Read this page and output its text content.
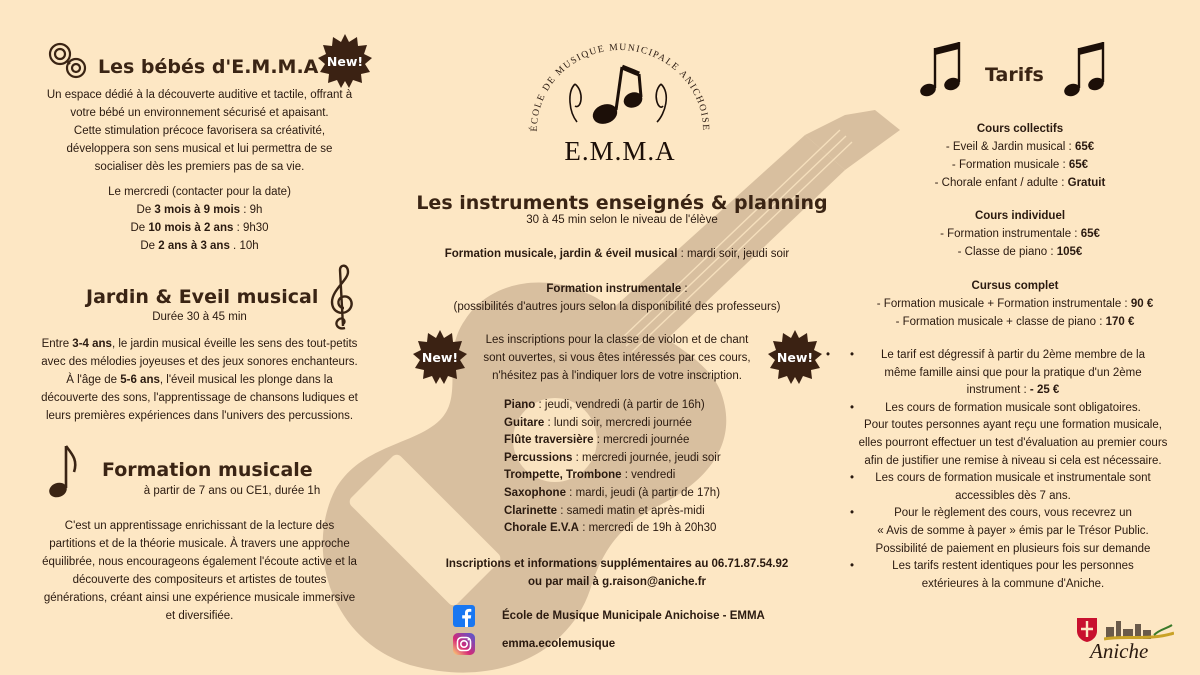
Les bébés d'E.M.M.A New!
Un espace dédié à la découverte auditive et tactile, offrant à
votre bébé un environnement sécurisé et apaisant.
Cette stimulation précoce favorisera sa créativité,
développera son sens musical et lui permettra de se
socialiser dès les premiers pas de sa vie.
Le mercredi (contacter pour la date)
De 3 mois à 9 mois : 9h
De 10 mois à 2 ans : 9h30
De 2 ans à 3 ans . 10h
Jardin & Eveil musical
Durée 30 à 45 min
Entre 3-4 ans, le jardin musical éveille les sens des tout-petits
avec des mélodies joyeuses et des jeux sonores enchanteurs.
À l'âge de 5-6 ans, l'éveil musical les plonge dans la
découverte des sons, l'apprentissage de chansons ludiques et
leurs premières expériences dans l'univers des percussions.
Formation musicale
à partir de 7 ans ou CE1, durée 1h
C'est un apprentissage enrichissant de la lecture des
partitions et de la théorie musicale. À travers une approche
équilibrée, nous encourageons également l'écoute active et la
découverte des compositeurs et artistes de toutes
générations, créant ainsi une expérience musicale immersive
et diversifiée.
ÉCOLE DE MUSIQUE MUNICIPALE ANICHOISE
E.M.M.A
Les instruments enseignés & planning
30 à 45 min selon le niveau de l'élève
Formation musicale, jardin & éveil musical : mardi soir, jeudi soir
Formation instrumentale :
(possibilités d'autres jours selon la disponibilité des professeurs)
New!	New!
Les inscriptions pour la classe de violon et de chant
sont ouvertes, si vous êtes intéressés par ces cours,
n'hésitez pas à l'indiquer lors de votre inscription.
Piano : jeudi, vendredi (à partir de 16h)
Guitare : lundi soir, mercredi journée
Flûte traversière : mercredi journée
Percussions : mercredi journée, jeudi soir
Trompette, Trombone : vendredi
Saxophone : mardi, jeudi (à partir de 17h)
Clarinette : samedi matin et après-midi
Chorale E.V.A : mercredi de 19h à 20h30
Inscriptions et informations supplémentaires au 06.71.87.54.92
ou par mail à g.raison@aniche.fr
École de Musique Municipale Anichoise - EMMA
emma.ecolemusique
Tarifs
Cours collectifs
- Eveil & Jardin musical : 65€
- Formation musicale : 65€
- Chorale enfant / adulte : Gratuit
Cours individuel
- Formation instrumentale : 65€
- Classe de piano : 105€
Cursus complet
- Formation musicale + Formation instrumentale : 90 €
- Formation musicale + classe de piano : 170 €
• • Le tarif est dégressif à partir du 2ème membre de la
même famille ainsi que pour la pratique d'un 2ème
instrument : - 25 €
•	Les cours de formation musicale sont obligatoires.
Pour toutes personnes ayant reçu une formation musicale,
elles pourront effectuer un test d'évaluation au premier cours
afin de justifier une remise à niveau si cela est nécessaire.
• Les cours de formation musicale et instrumentale sont
accessibles dès 7 ans.
•	Pour le règlement des cours, vous recevrez un
« Avis de somme à payer » émis par le Trésor Public.
Possibilité de paiement en plusieurs fois sur demande
•	Les tarifs restent identiques pour les personnes
extérieures à la commune d'Aniche.
Aniche
